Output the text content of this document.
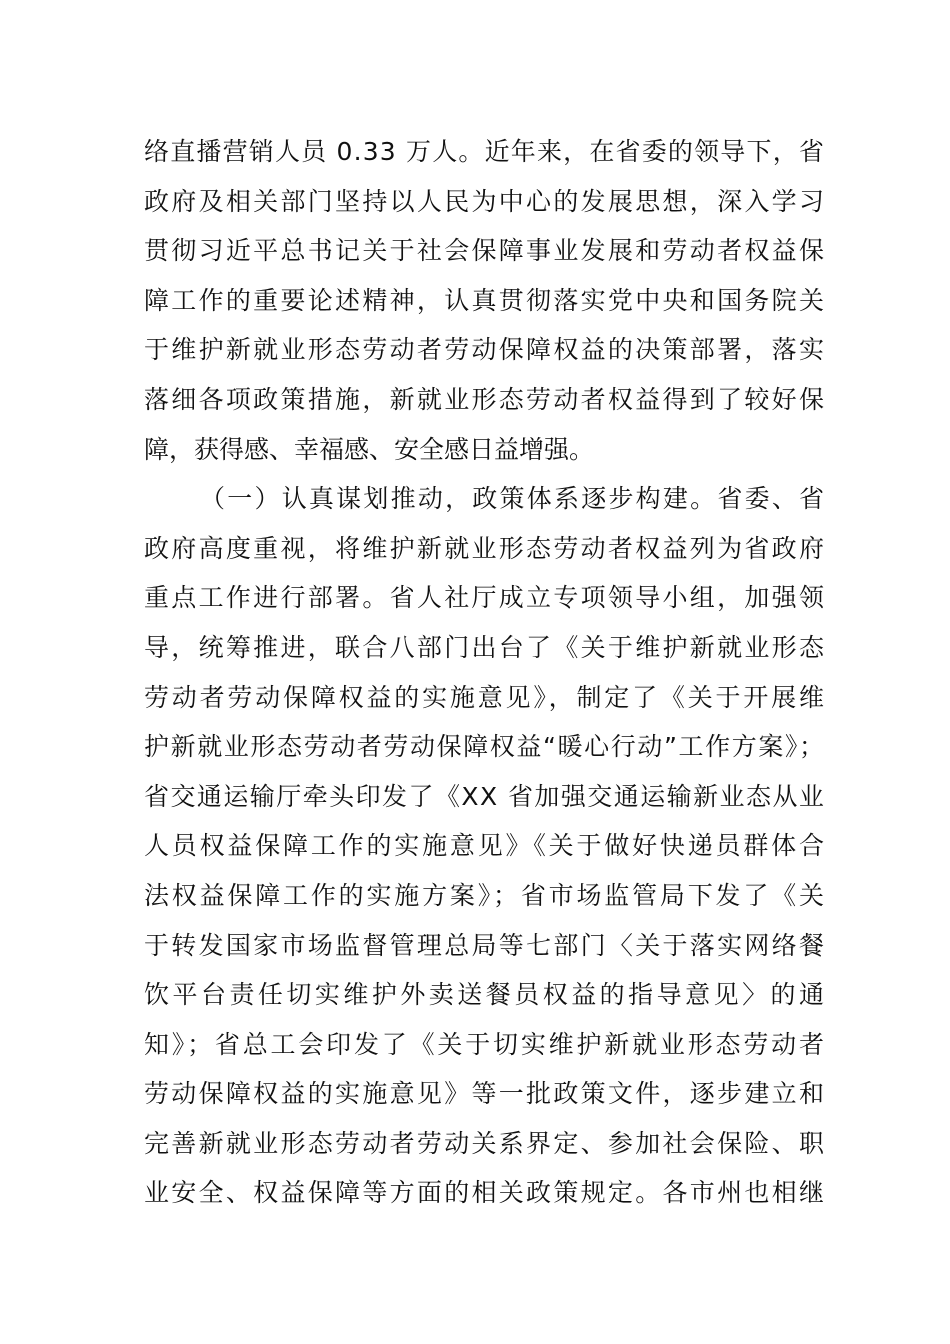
络直播营销人员 0.33 万人。近年来，在省委的领导下，省
政府及相关部门坚持以人民为中心的发展思想，深入学习
贯彻习近平总书记关于社会保障事业发展和劳动者权益保
障工作的重要论述精神，认真贯彻落实党中央和国务院关
于维护新就业形态劳动者劳动保障权益的决策部署，落实
落细各项政策措施，新就业形态劳动者权益得到了较好保
障，获得感、幸福感、安全感日益增强。
（一）认真谋划推动，政策体系逐步构建。省委、省
政府高度重视，将维护新就业形态劳动者权益列为省政府
重点工作进行部署。省人社厅成立专项领导小组，加强领
导，统筹推进，联合八部门出台了《关于维护新就业形态
劳动者劳动保障权益的实施意见》，制定了《关于开展维
护新就业形态劳动者劳动保障权益“暖心行动”工作方案》；
省交通运输厅牵头印发了《XX 省加强交通运输新业态从业
人员权益保障工作的实施意见》《关于做好快递员群体合
法权益保障工作的实施方案》；省市场监管局下发了《关
于转发国家市场监督管理总局等七部门〈关于落实网络餐
饮平台责任切实维护外卖送餐员权益的指导意见〉的通
知》；省总工会印发了《关于切实维护新就业形态劳动者
劳动保障权益的实施意见》等一批政策文件，逐步建立和
完善新就业形态劳动者劳动关系界定、参加社会保险、职
业安全、权益保障等方面的相关政策规定。各市州也相继
